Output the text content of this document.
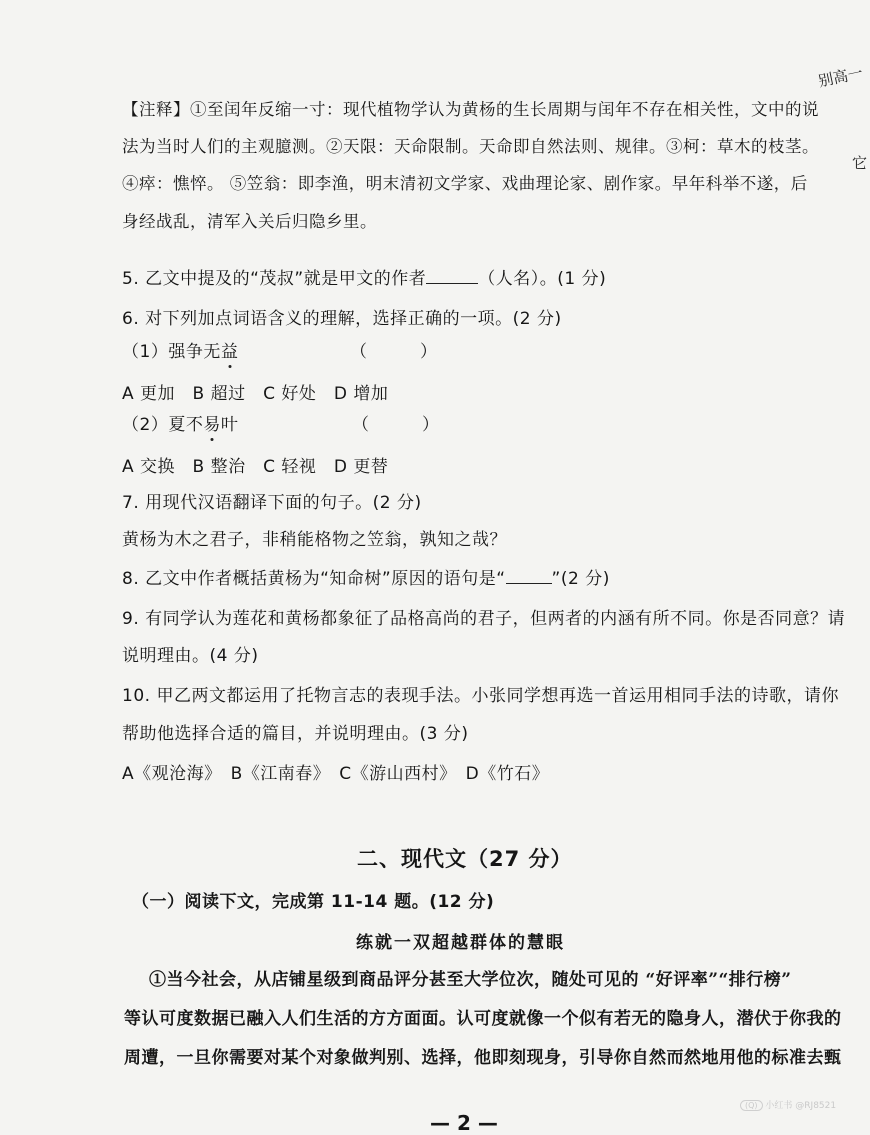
别高一
它
【注释】①至闰年反缩一寸：现代植物学认为黄杨的生长周期与闰年不存在相关性，文中的说
法为当时人们的主观臆测。②天限：天命限制。天命即自然法则、规律。③柯：草木的枝茎。
④瘁：憔悴。 ⑤笠翁：即李渔，明末清初文学家、戏曲理论家、剧作家。早年科举不遂，后
身经战乱，清军入关后归隐乡里。
5. 乙文中提及的“茂叔”就是甲文的作者	（人名）。(1 分)
6. 对下列加点词语含义的理解，选择正确的一项。(2 分)
（1）强争无益	（　　　）
A 更加　B 超过　C 好处　D 增加
（2）夏不易叶	（　　　）
A 交换　B 整治　C 轻视　D 更替
7. 用现代汉语翻译下面的句子。(2 分)
黄杨为木之君子，非稍能格物之笠翁，孰知之哉？
8. 乙文中作者概括黄杨为“知命树”原因的语句是“	”(2 分)
9. 有同学认为莲花和黄杨都象征了品格高尚的君子，但两者的内涵有所不同。你是否同意？请
说明理由。(4 分)
10. 甲乙两文都运用了托物言志的表现手法。小张同学想再选一首运用相同手法的诗歌，请你
帮助他选择合适的篇目，并说明理由。(3 分)
A《观沧海》　B《江南春》　C《游山西村》　D《竹石》
二、现代文（27 分）
（一）阅读下文，完成第 11-14 题。(12 分)
练就一双超越群体的慧眼
①当今社会，从店铺星级到商品评分甚至大学位次，随处可见的 “好评率”“排行榜”
等认可度数据已融入人们生活的方方面面。认可度就像一个似有若无的隐身人，潜伏于你我的
周遭，一旦你需要对某个对象做判别、选择，他即刻现身，引导你自然而然地用他的标准去甄
— 2 —
(Q) 小红书 @RJ8521
